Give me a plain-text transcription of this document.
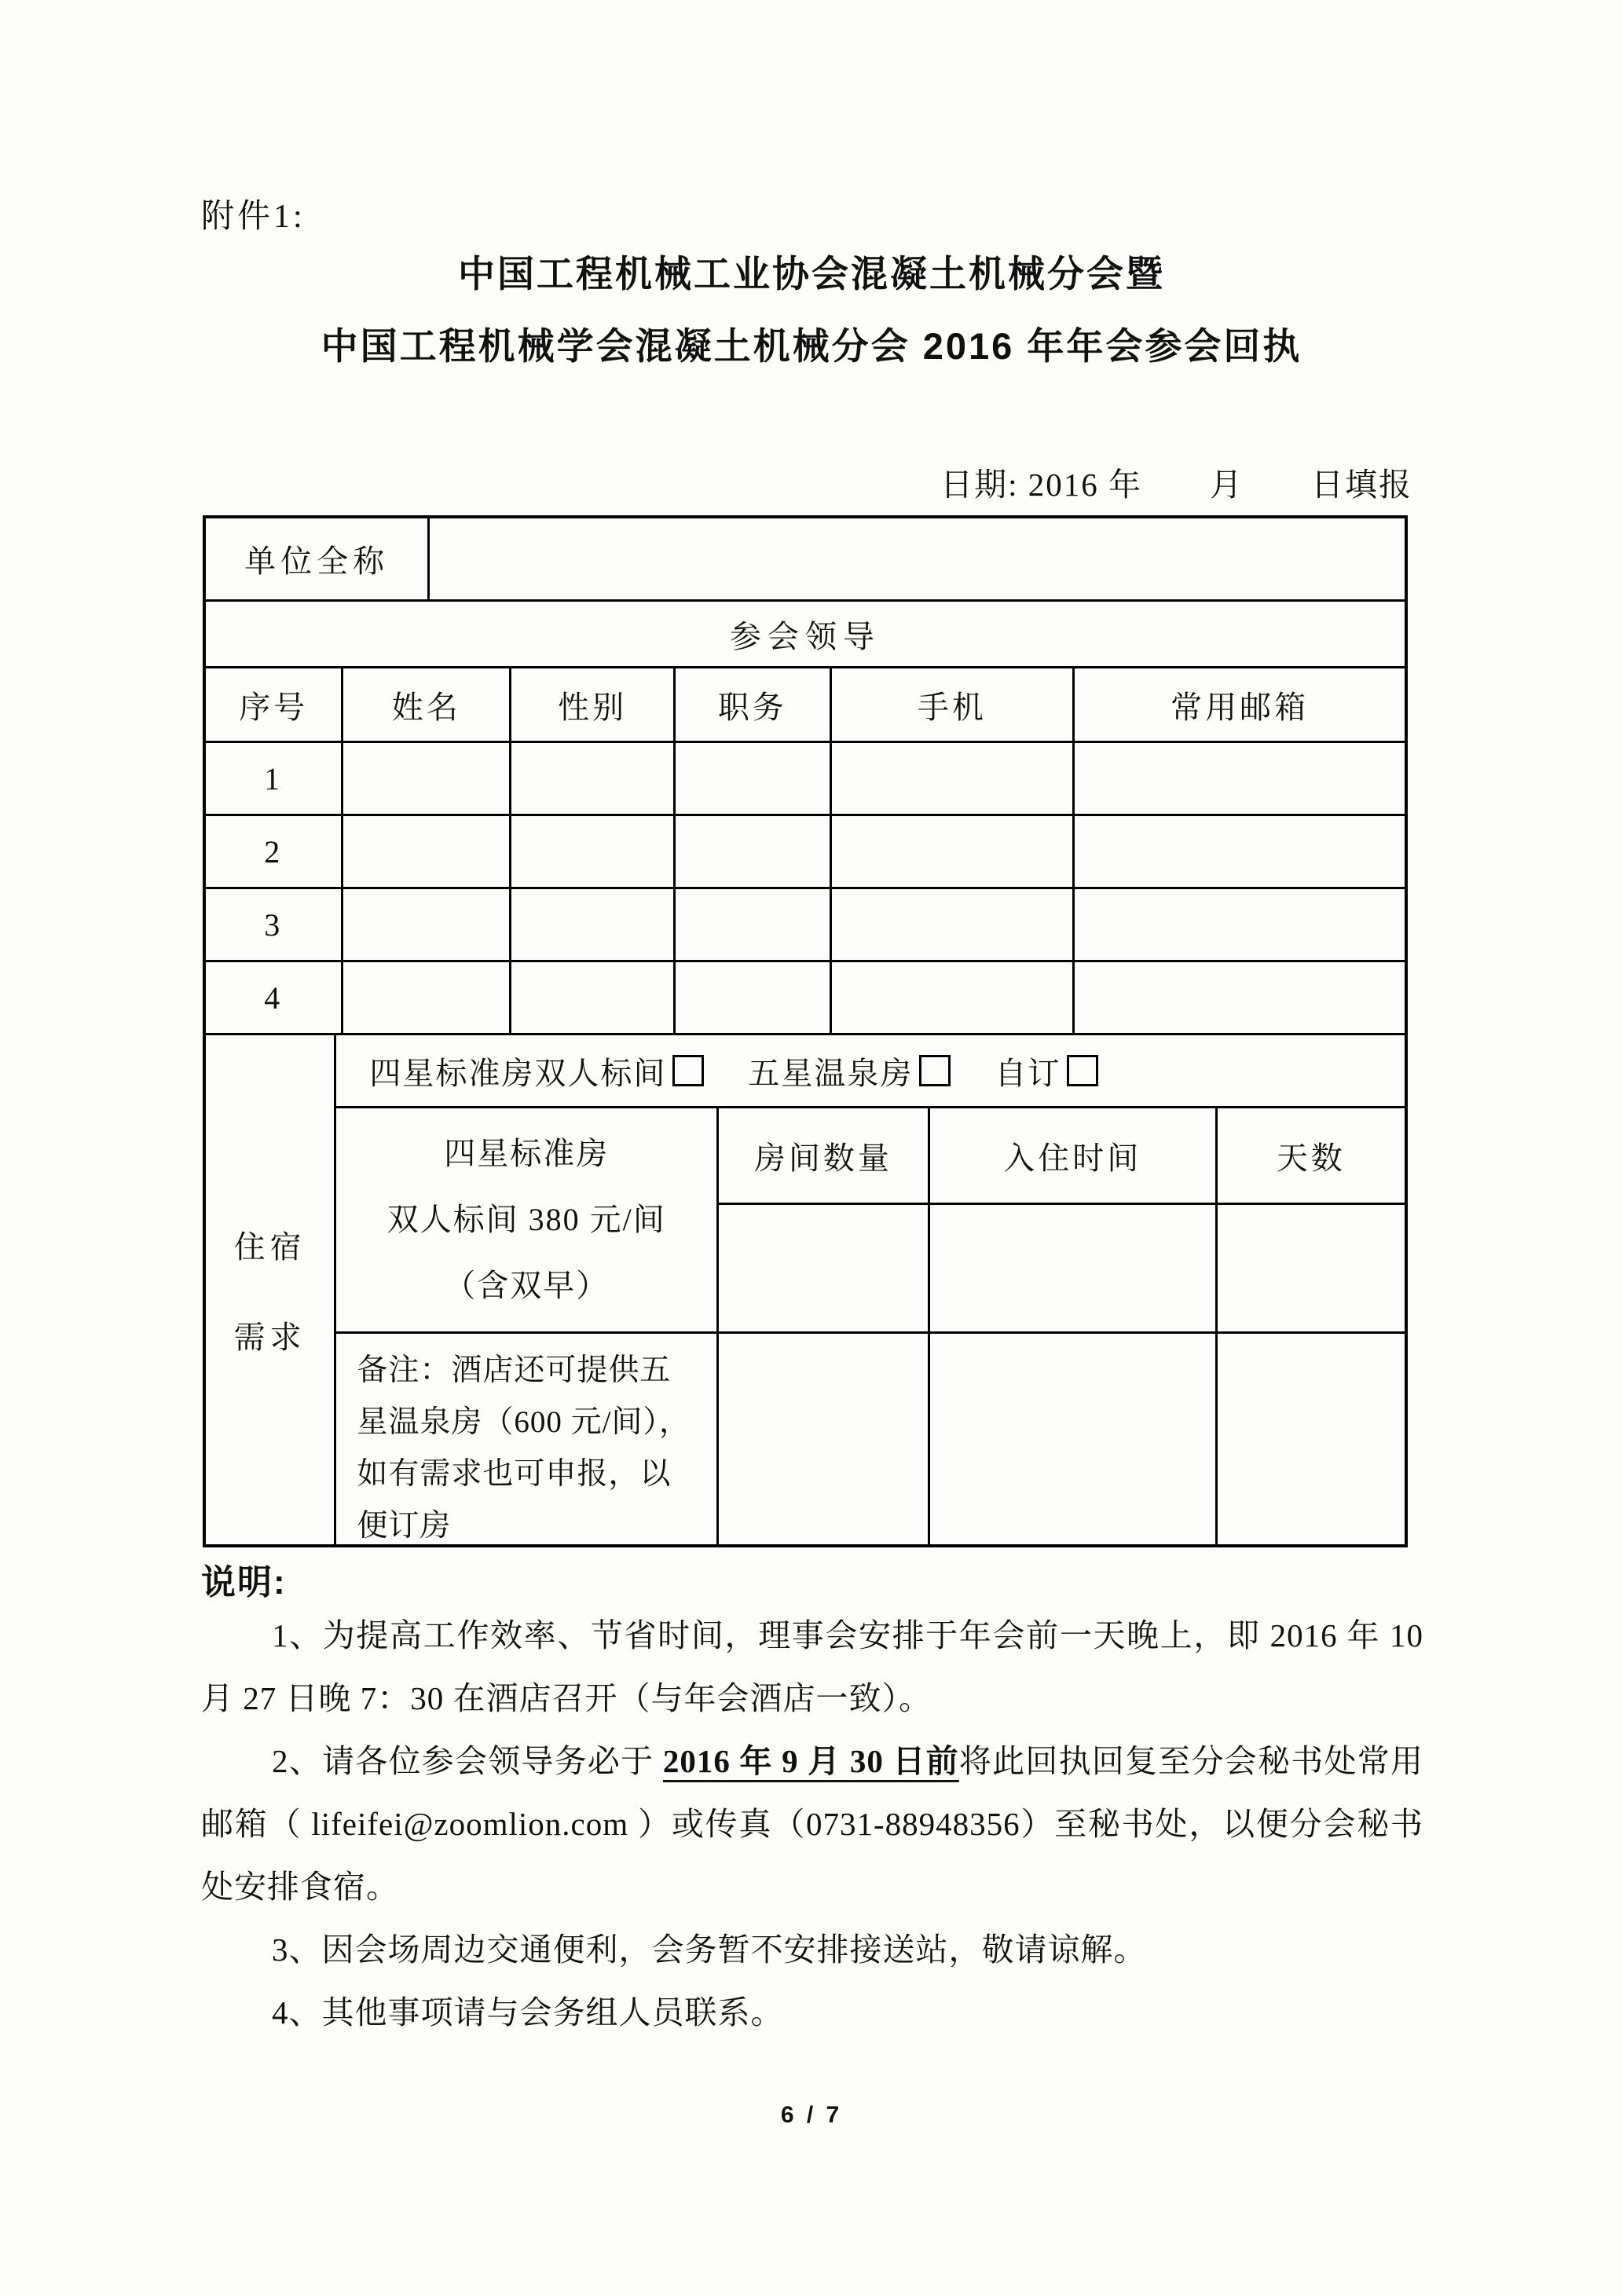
附件1:
中国工程机械工业协会混凝土机械分会暨
中国工程机械学会混凝土机械分会 2016 年年会参会回执
日期: 2016 年　　月　　日填报
单位全称
参会领导
序号	姓名	性别	职务	手机	常用邮箱
1					
2					
3					
4					
住宿
需求
四星标准房双人标间	五星温泉房	自订
四星标准房
双人标间 380 元/间
（含双早）
房间数量	入住时间	天数
备注：酒店还可提供五星温泉房（600 元/间），如有需求也可申报，以便订房
说明:

1、为提高工作效率、节省时间，理事会安排于年会前一天晚上，即 2016 年 10 月 27 日晚 7：30 在酒店召开（与年会酒店一致）。

2、请各位参会领导务必于 2016 年 9 月 30 日前将此回执回复至分会秘书处常用邮箱（ lifeifei@zoomlion.com ）或传真（0731-88948356）至秘书处，以便分会秘书处安排食宿。

3、因会场周边交通便利，会务暂不安排接送站，敬请谅解。

4、其他事项请与会务组人员联系。

6 / 7
